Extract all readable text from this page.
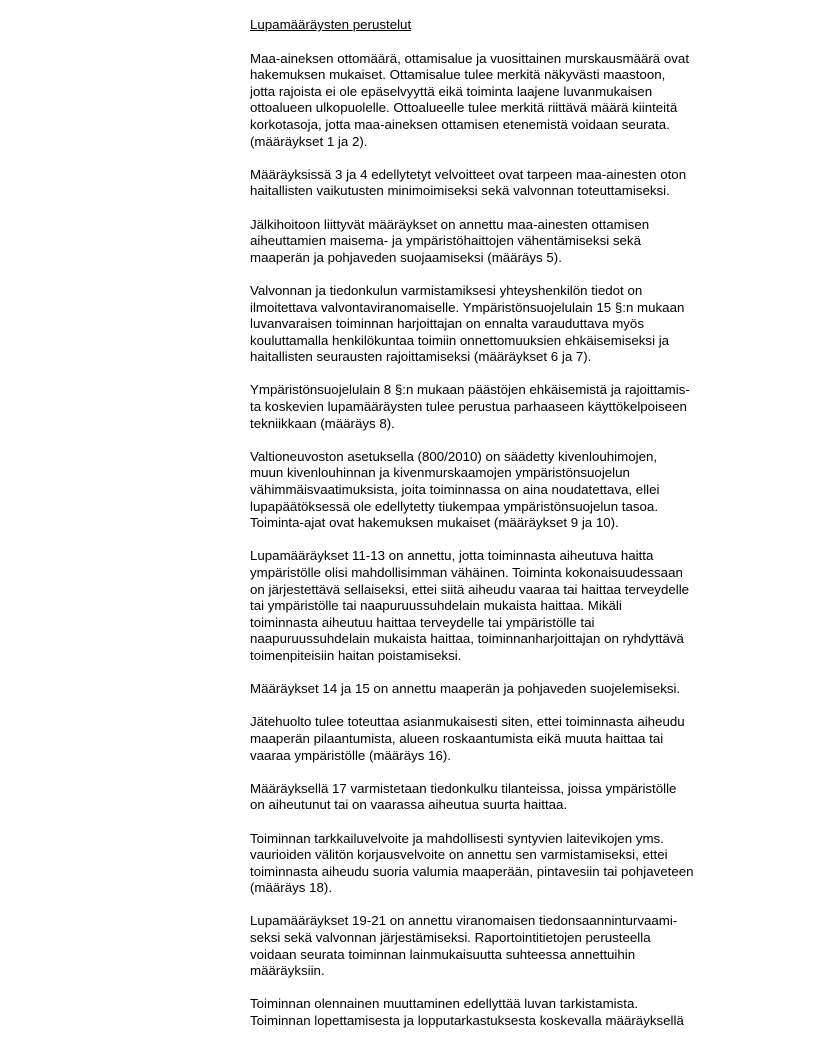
Lupamääräysten perustelut
Maa-aineksen ottomäärä, ottamisalue ja vuosittainen murskausmäärä ovat
hakemuksen mukaiset. Ottamisalue tulee merkitä näkyvästi maastoon,
jotta rajoista ei ole epäselvyyttä eikä toiminta laajene luvanmukaisen
ottoalueen ulkopuolelle. Ottoalueelle tulee merkitä riittävä määrä kiinteitä
korkotasoja, jotta maa-aineksen ottamisen etenemistä voidaan seurata.
(määräykset 1 ja 2).
Määräyksissä 3 ja 4 edellytetyt velvoitteet ovat tarpeen maa-ainesten oton
haitallisten vaikutusten minimoimiseksi sekä valvonnan toteuttamiseksi.
Jälkihoitoon liittyvät määräykset on annettu maa-ainesten ottamisen
aiheuttamien maisema- ja ympäristöhaittojen vähentämiseksi sekä
maaperän ja pohjaveden suojaamiseksi (määräys 5).
Valvonnan ja tiedonkulun varmistamiksesi yhteyshenkilön tiedot on
ilmoitettava valvontaviranomaiselle. Ympäristönsuojelulain 15 §:n mukaan
luvanvaraisen toiminnan harjoittajan on ennalta varauduttava myös
kouluttamalla henkilökuntaa toimiin onnettomuuksien ehkäisemiseksi ja
haitallisten seurausten rajoittamiseksi (määräykset 6 ja 7).
Ympäristönsuojelulain 8 §:n mukaan päästöjen ehkäisemistä ja rajoittamis-
ta koskevien lupamääräysten tulee perustua parhaaseen käyttökelpoiseen
tekniikkaan (määräys 8).
Valtioneuvoston asetuksella (800/2010) on säädetty kivenlouhimojen,
muun kivenlouhinnan ja kivenmurskaamojen ympäristönsuojelun
vähimmäisvaatimuksista, joita toiminnassa on aina noudatettava, ellei
lupapäätöksessä ole edellytetty tiukempaa ympäristönsuojelun tasoa.
Toiminta-ajat ovat hakemuksen mukaiset (määräykset 9 ja 10).
Lupamääräykset 11-13 on annettu, jotta toiminnasta aiheutuva haitta
ympäristölle olisi mahdollisimman vähäinen. Toiminta kokonaisuudessaan
on järjestettävä sellaiseksi, ettei siitä aiheudu vaaraa tai haittaa terveydelle
tai ympäristölle tai naapuruussuhdelain mukaista haittaa. Mikäli
toiminnasta aiheutuu haittaa terveydelle tai ympäristölle tai
naapuruussuhdelain mukaista haittaa, toiminnanharjoittajan on ryhdyttävä
toimenpiteisiin haitan poistamiseksi.
Määräykset 14 ja 15 on annettu maaperän ja pohjaveden suojelemiseksi.
Jätehuolto tulee toteuttaa asianmukaisesti siten, ettei toiminnasta aiheudu
maaperän pilaantumista, alueen roskaantumista eikä muuta haittaa tai
vaaraa ympäristölle (määräys 16).
Määräyksellä 17 varmistetaan tiedonkulku tilanteissa, joissa ympäristölle
on aiheutunut tai on vaarassa aiheutua suurta haittaa.
Toiminnan tarkkailuvelvoite ja mahdollisesti syntyvien laitevikojen yms.
vaurioiden välitön korjausvelvoite on annettu sen varmistamiseksi, ettei
toiminnasta aiheudu suoria valumia maaperään, pintavesiin tai pohjaveteen
(määräys 18).
Lupamääräykset 19-21 on annettu viranomaisen tiedonsaanninturvaami-
seksi sekä valvonnan järjestämiseksi. Raportointitietojen perusteella
voidaan seurata toiminnan lainmukaisuutta suhteessa annettuihin
määräyksiin.
Toiminnan olennainen muuttaminen edellyttää luvan tarkistamista.
Toiminnan lopettamisesta ja lopputarkastuksesta koskevalla määräyksellä
